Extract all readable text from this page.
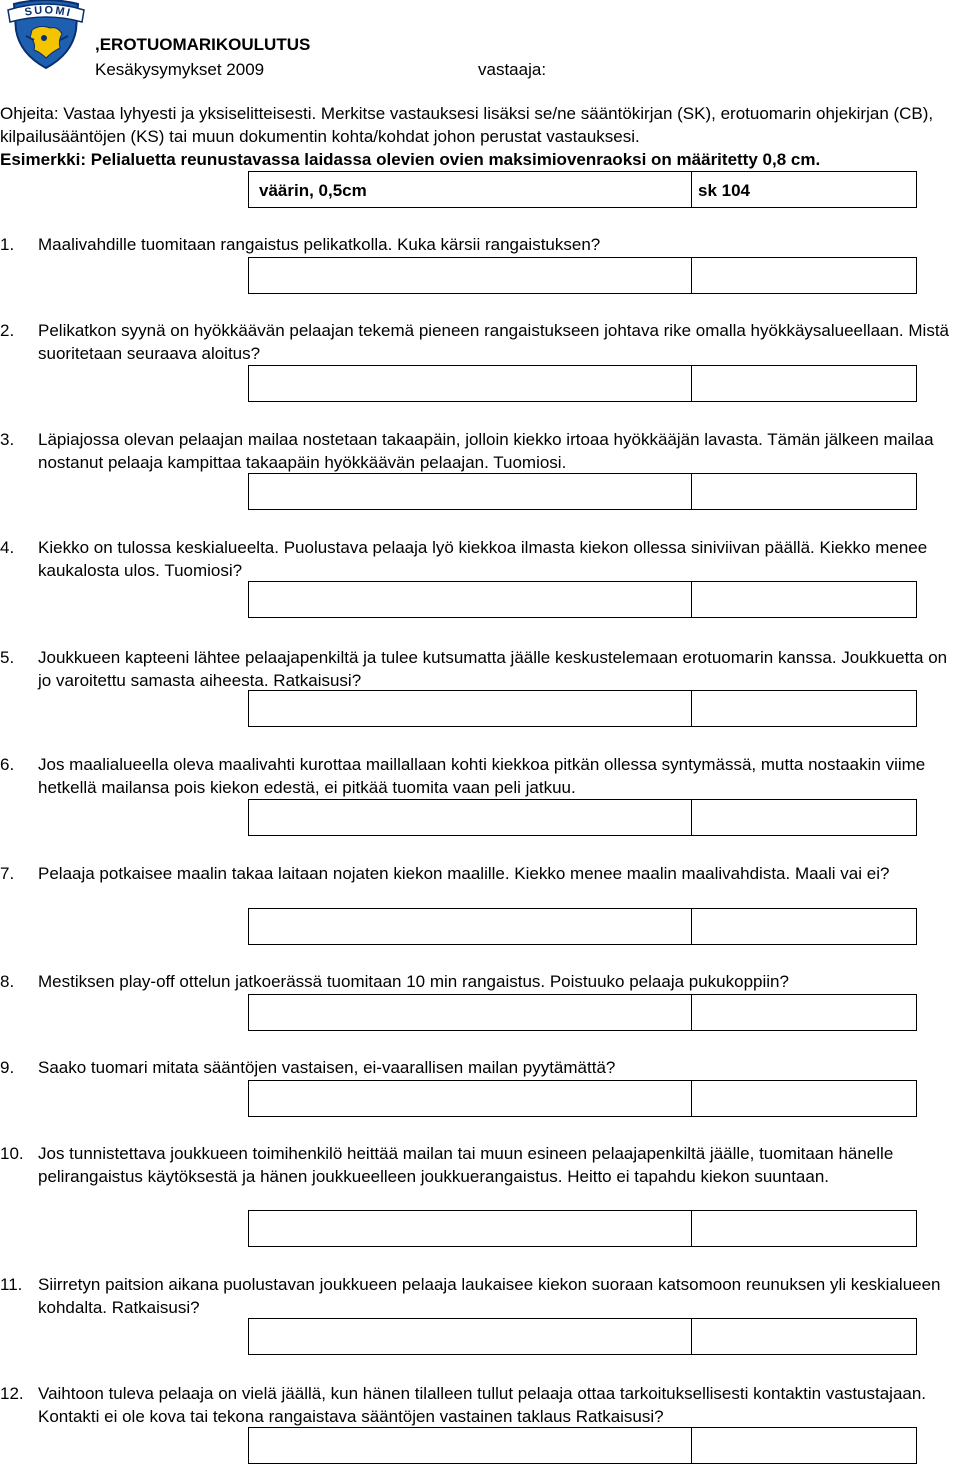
SUOMI
,EROTUOMARIKOULUTUS
Kesäkysymykset 2009	vastaaja:
Ohjeita: Vastaa lyhyesti ja yksiselitteisesti. Merkitse vastauksesi lisäksi se/ne sääntökirjan (SK), erotuomarin ohjekirjan (CB), kilpailusääntöjen (KS) tai muun dokumentin kohta/kohdat johon perustat vastauksesi.
Esimerkki: Pelialuetta reunustavassa laidassa olevien ovien maksimiovenraoksi on määritetty 0,8 cm.
väärin, 0,5cm	sk 104
1. Maalivahdille tuomitaan rangaistus pelikatkolla. Kuka kärsii rangaistuksen?
2. Pelikatkon syynä on hyökkäävän pelaajan tekemä pieneen rangaistukseen johtava rike omalla hyökkäysalueellaan. Mistä suoritetaan seuraava aloitus?
3. Läpiajossa olevan pelaajan mailaa nostetaan takaapäin, jolloin kiekko irtoaa hyökkääjän lavasta. Tämän jälkeen mailaa nostanut pelaaja kampittaa takaapäin hyökkäävän pelaajan. Tuomiosi.
4. Kiekko on tulossa keskialueelta. Puolustava pelaaja lyö kiekkoa ilmasta kiekon ollessa siniviivan päällä. Kiekko menee kaukalosta ulos. Tuomiosi?
5. Joukkueen kapteeni lähtee pelaajapenkiltä ja tulee kutsumatta jäälle keskustelemaan erotuomarin kanssa. Joukkuetta on jo varoitettu samasta aiheesta. Ratkaisusi?
6. Jos maalialueella oleva maalivahti kurottaa maillallaan kohti kiekkoa pitkän ollessa syntymässä, mutta nostaakin viime hetkellä mailansa pois kiekon edestä, ei pitkää tuomita vaan peli jatkuu.
7. Pelaaja potkaisee maalin takaa laitaan nojaten kiekon maalille. Kiekko menee maalin maalivahdista. Maali vai ei?
8. Mestiksen play-off ottelun jatkoerässä tuomitaan 10 min rangaistus. Poistuuko pelaaja pukukoppiin?
9. Saako tuomari mitata sääntöjen vastaisen, ei-vaarallisen mailan pyytämättä?
10. Jos tunnistettava joukkueen toimihenkilö heittää mailan tai muun esineen pelaajapenkiltä jäälle, tuomitaan hänelle pelirangaistus käytöksestä ja hänen joukkueelleen joukkuerangaistus. Heitto ei tapahdu kiekon suuntaan.
11. Siirretyn paitsion aikana puolustavan joukkueen pelaaja laukaisee kiekon suoraan katsomoon reunuksen yli keskialueen kohdalta. Ratkaisusi?
12. Vaihtoon tuleva pelaaja on vielä jäällä, kun hänen tilalleen tullut pelaaja ottaa tarkoituksellisesti kontaktin vastustajaan. Kontakti ei ole kova tai tekona rangaistava sääntöjen vastainen taklaus Ratkaisusi?
